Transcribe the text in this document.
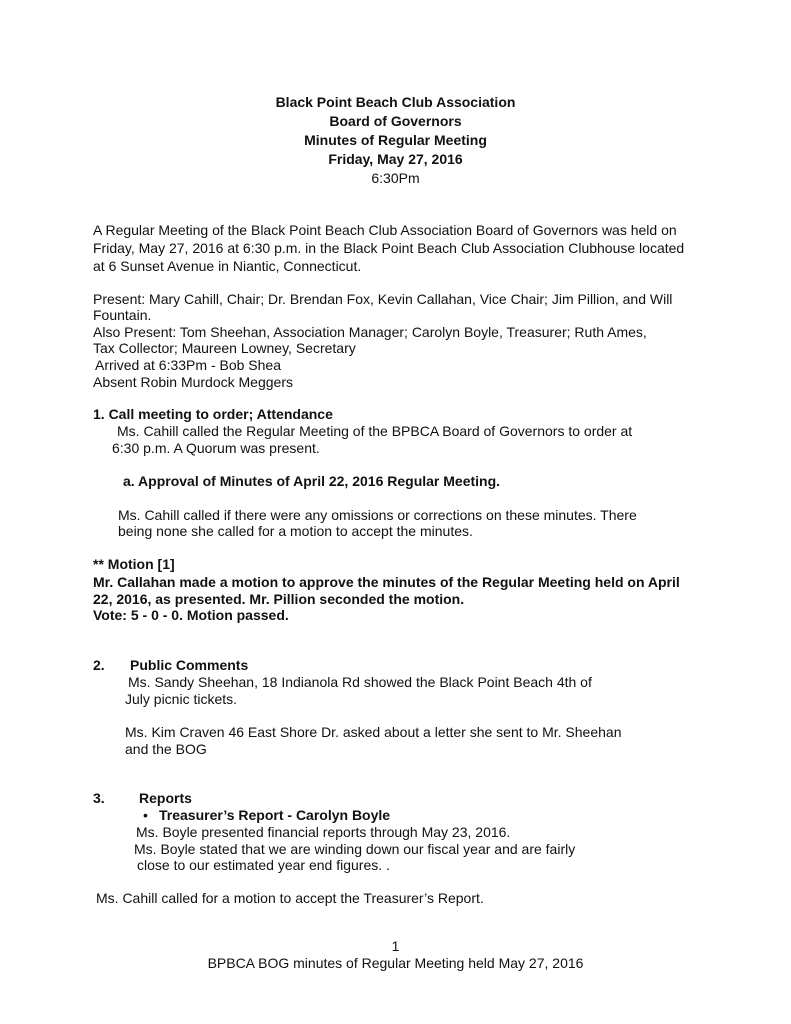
Black Point Beach Club Association
Board of Governors
Minutes of Regular Meeting
Friday, May 27, 2016
6:30Pm
A Regular Meeting of the Black Point Beach Club Association Board of Governors was held on
Friday, May 27, 2016 at 6:30 p.m. in the Black Point Beach Club Association Clubhouse located
at 6 Sunset Avenue in Niantic, Connecticut.
Present: Mary Cahill, Chair; Dr. Brendan Fox, Kevin Callahan, Vice Chair; Jim Pillion, and Will
Fountain.
Also Present: Tom Sheehan, Association Manager; Carolyn Boyle, Treasurer; Ruth Ames,
Tax Collector; Maureen Lowney, Secretary
Arrived at 6:33Pm - Bob Shea
Absent Robin Murdock Meggers
1. Call meeting to order; Attendance
Ms. Cahill called the Regular Meeting of the BPBCA Board of Governors to order at
6:30 p.m. A Quorum was present.
a. Approval of Minutes of April 22, 2016 Regular Meeting.
Ms. Cahill called if there were any omissions or corrections on these minutes. There
being none she called for a motion to accept the minutes.
** Motion [1]
Mr. Callahan made a motion to approve the minutes of the Regular Meeting held on April
22, 2016, as presented. Mr. Pillion seconded the motion.
Vote: 5 - 0 - 0. Motion passed.
2. Public Comments
Ms. Sandy Sheehan, 18 Indianola Rd showed the Black Point Beach 4th of
July picnic tickets.
Ms. Kim Craven 46 East Shore Dr. asked about a letter she sent to Mr. Sheehan
and the BOG
3. Reports
• Treasurer’s Report - Carolyn Boyle
Ms. Boyle presented financial reports through May 23, 2016.
Ms. Boyle stated that we are winding down our fiscal year and are fairly
close to our estimated year end figures. .
Ms. Cahill called for a motion to accept the Treasurer’s Report.
1
BPBCA BOG minutes of Regular Meeting held May 27, 2016
